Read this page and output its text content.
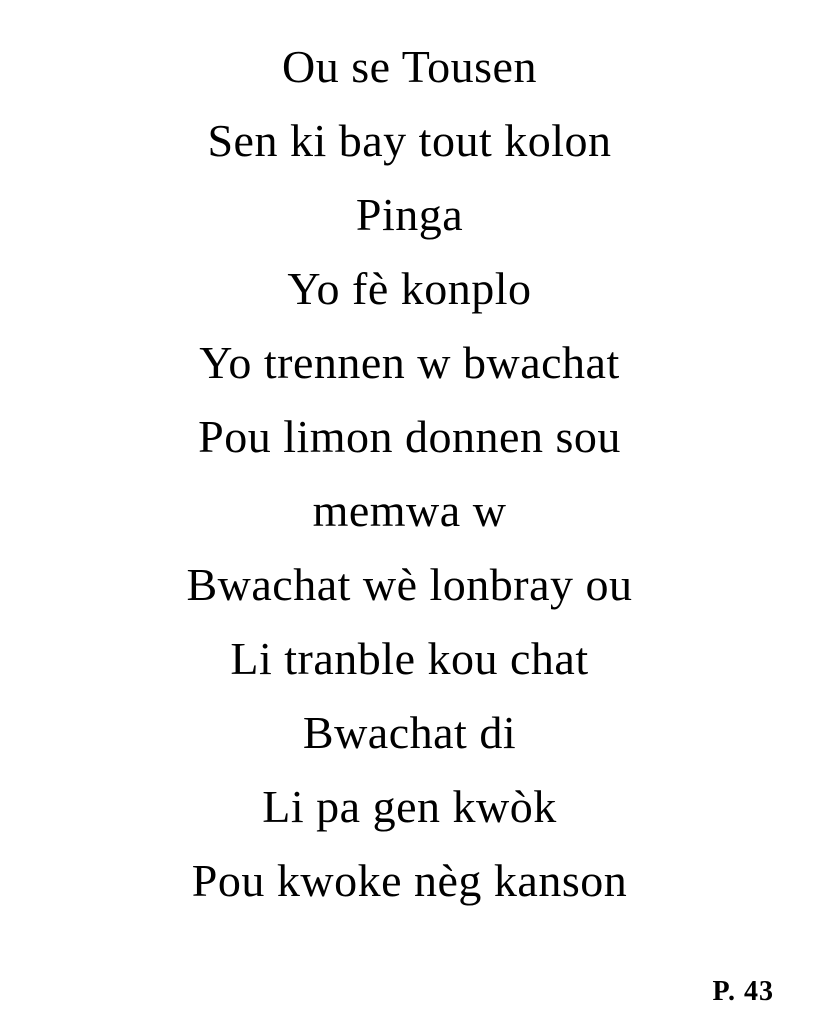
Ou se Tousen
Sen ki bay tout kolon
Pinga
Yo fè konplo
Yo trennen w bwachat
Pou limon donnen sou
memwa w
Bwachat wè lonbray ou
Li tranble kou chat
Bwachat di
Li pa gen kwòk
Pou kwoke nèg kanson
P. 43
